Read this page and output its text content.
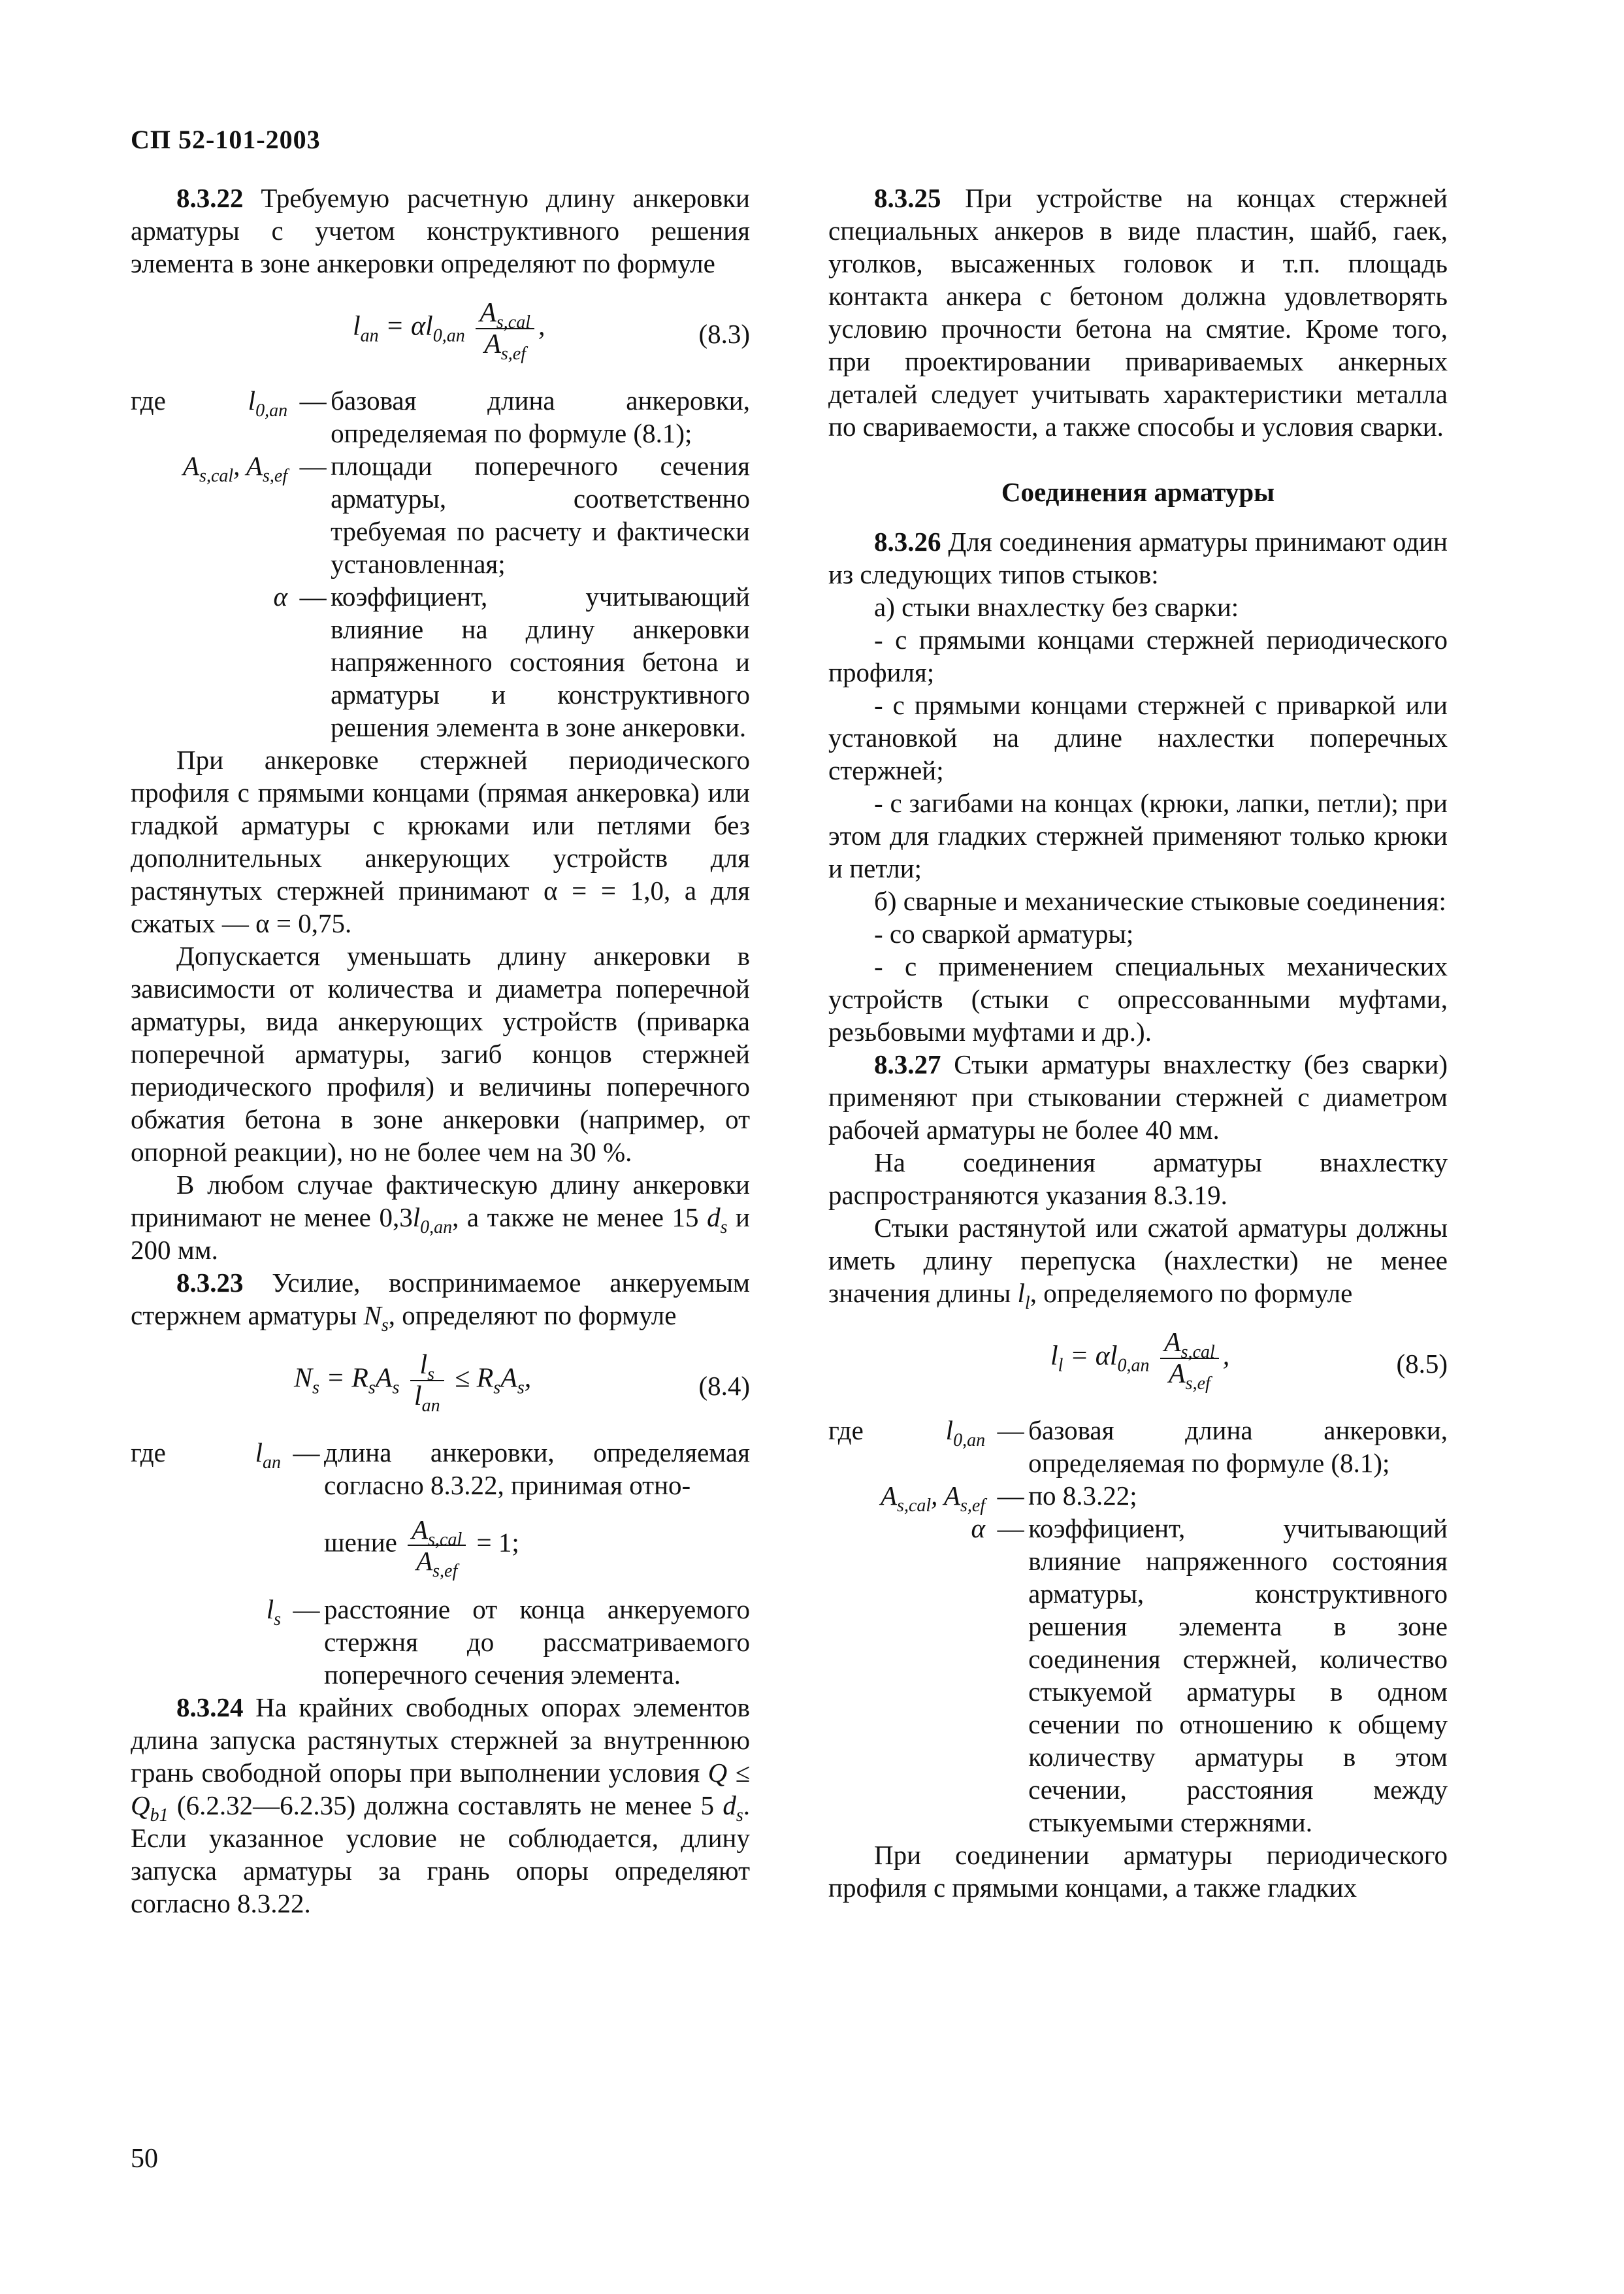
СП 52-101-2003

8.3.22 Требуемую расчетную длину анкеровки арматуры с учетом конструктивного решения элемента в зоне анкеровки определяют по формуле

$l_{an} = \alpha l_{0,an} \frac{A_{s,cal}}{A_{s,ef}}$ ,	(8.3)
где	$l_{0,an}$	—	базовая длина анкеровки, определяемая по формуле (8.1);
	$A_{s,cal}$, $A_{s,ef}$	—	площади поперечного сечения арматуры, соответственно требуемая по расчету и фактически установленная;
	α	—	коэффициент, учитывающий влияние на длину анкеровки напряженного состояния бетона и арматуры и конструктивного решения элемента в зоне анкеровки.

При анкеровке стержней периодического профиля с прямыми концами (прямая анкеровка) или гладкой арматуры с крюками или петлями без дополнительных анкерующих устройств для растянутых стержней принимают α = = 1,0, а для сжатых — α = 0,75.

Допускается уменьшать длину анкеровки в зависимости от количества и диаметра поперечной арматуры, вида анкерующих устройств (приварка поперечной арматуры, загиб концов стержней периодического профиля) и величины поперечного обжатия бетона в зоне анкеровки (например, от опорной реакции), но не более чем на 30 %.

В любом случае фактическую длину анкеровки принимают не менее $0,3l_{0,an}$, а также не менее 15 $d_s$ и 200 мм.

8.3.23 Усилие, воспринимаемое анкеруемым стержнем арматуры $N_s$, определяют по формуле

$N_s = R_sA_s \frac{l_s}{l_{an}} \le R_sA_s$,	(8.4)
где	$l_{an}$	—	длина анкеровки, определяемая согласно 8.3.22, принимая отно-
			шение $\frac{A_{s,cal}}{A_{s,ef}} = 1$;
	$l_s$	—	расстояние от конца анкеруемого стержня до рассматриваемого поперечного сечения элемента.

8.3.24 На крайних свободных опорах элементов длина запуска растянутых стержней за внутреннюю грань свободной опоры при выполнении условия $Q \le Q_{b1}$ (6.2.32—6.2.35) должна составлять не менее 5 $d_s$. Если указанное условие не соблюдается, длину запуска арматуры за грань опоры определяют согласно 8.3.22.

8.3.25 При устройстве на концах стержней специальных анкеров в виде пластин, шайб, гаек, уголков, высаженных головок и т.п. площадь контакта анкера с бетоном должна удовлетворять условию прочности бетона на смятие. Кроме того, при проектировании привариваемых анкерных деталей следует учитывать характеристики металла по свариваемости, а также способы и условия сварки.

Соединения арматуры

8.3.26 Для соединения арматуры принимают один из следующих типов стыков:

а) стыки внахлестку без сварки:

- с прямыми концами стержней периодического профиля;

- с прямыми концами стержней с приваркой или установкой на длине нахлестки поперечных стержней;

- с загибами на концах (крюки, лапки, петли); при этом для гладких стержней применяют только крюки и петли;

б) сварные и механические стыковые соединения:

- со сваркой арматуры;

- с применением специальных механических устройств (стыки с опрессованными муфтами, резьбовыми муфтами и др.).

8.3.27 Стыки арматуры внахлестку (без сварки) применяют при стыковании стержней с диаметром рабочей арматуры не более 40 мм.

На соединения арматуры внахлестку распространяются указания 8.3.19.

Стыки растянутой или сжатой арматуры должны иметь длину перепуска (нахлестки) не менее значения длины $l_l$, определяемого по формуле

$l_l = \alpha l_{0,an} \frac{A_{s,cal}}{A_{s,ef}}$ ,	(8.5)
где	$l_{0,an}$	—	базовая длина анкеровки, определяемая по формуле (8.1);
	$A_{s,cal}$, $A_{s,ef}$	—	по 8.3.22;
	α	—	коэффициент, учитывающий влияние напряженного состояния арматуры, конструктивного решения элемента в зоне соединения стержней, количество стыкуемой арматуры в одном сечении по отношению к общему количеству арматуры в этом сечении, расстояния между стыкуемыми стержнями.

При соединении арматуры периодического профиля с прямыми концами, а также гладких

50
